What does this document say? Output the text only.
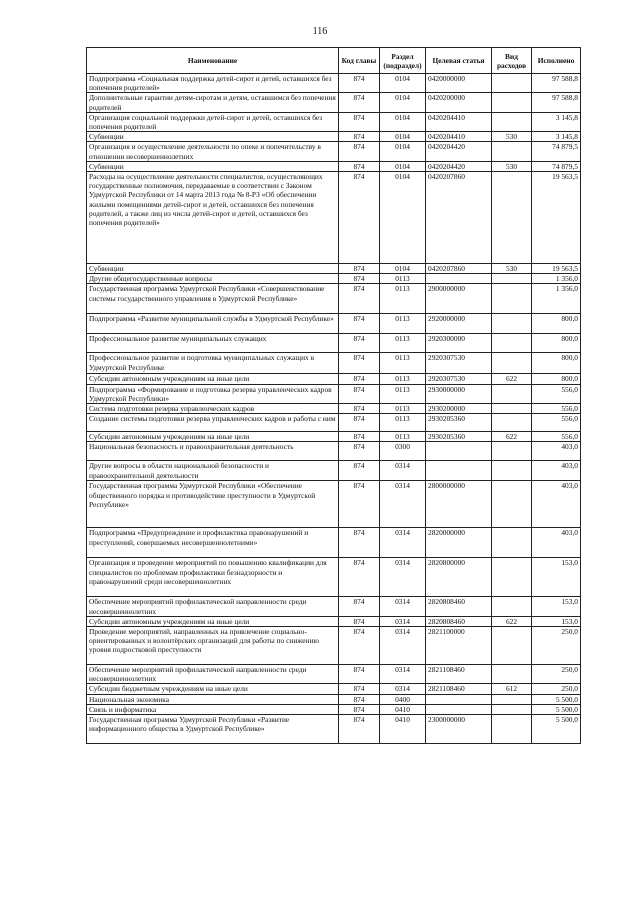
116
Наименование	Код главы	Раздел (подраздел)	Целевая статья	Вид расходов	Исполнено
Подпрограмма «Социальная поддержка детей-сирот и детей, оставшихся без попечения родителей»	874	0104	0420000000		97 588,8
Дополнительные гарантии детям-сиротам и детям, оставшимся без попечения родителей	874	0104	0420200000		97 588,8
Организация социальной поддержки детей-сирот и детей, оставшихся без попечения родителей	874	0104	0420204410		3 145,8
Субвенции	874	0104	0420204410	530	3 145,8
Организация и осуществление деятельности по опеке и попечительству в отношении несовершеннолетних	874	0104	0420204420		74 879,5
Субвенции	874	0104	0420204420	530	74 879,5
Расходы на осуществление деятельности специалистов, осуществляющих государственные полномочия, передаваемые в соответствии с Законом Удмуртской Республики от 14 марта 2013 года № 8-РЗ «Об обеспечении жилыми помещениями детей-сирот и детей, оставшихся без попечения родителей, а также лиц из числа детей-сирот и детей, оставшихся без попечения родителей»	874	0104	0420207860		19 563,5
Субвенции	874	0104	0420207860	530	19 563,5
Другие общегосударственные вопросы	874	0113			1 356,0
Государственная программа Удмуртской Республики «Совершенствование системы государственного управления в Удмуртской Республике»	874	0113	2900000000		1 356,0
Подпрограмма «Развитие муниципальной службы в Удмуртской Республике»	874	0113	2920000000		800,0
Профессиональное развитие муниципальных служащих	874	0113	2920300000		800,0
Профессиональное развитие и подготовка муниципальных служащих в Удмуртской Республике	874	0113	2920307530		800,0
Субсидии автономным учреждениям на иные цели	874	0113	2920307530	622	800,0
Подпрограмма «Формирование и подготовка резерва управленческих кадров Удмуртской Республики»	874	0113	2930000000		556,0
Система подготовки резерва управленческих кадров	874	0113	2930200000		556,0
Создание системы подготовки резерва управленческих кадров и работы с ним	874	0113	2930205360		556,0
Субсидии автономным учреждениям на иные цели	874	0113	2930205360	622	556,0
Национальная безопасность и правоохранительная деятельность	874	0300			403,0
Другие вопросы в области национальной безопасности и правоохранительной деятельности	874	0314			403,0
Государственная программа Удмуртской Республики «Обеспечение общественного порядка и противодействие преступности в Удмуртской Республике»	874	0314	2800000000		403,0
Подпрограмма «Предупреждение и профилактика правонарушений и преступлений, совершаемых несовершеннолетними»	874	0314	2820000000		403,0
Организация и проведение мероприятий по повышению квалификации для специалистов по проблемам профилактики безнадзорности и правонарушений среди несовершеннолетних	874	0314	2820800000		153,0
Обеспечение мероприятий профилактической направленности среди несовершеннолетних	874	0314	2820808460		153,0
Субсидии автономным учреждениям на иные цели	874	0314	2820808460	622	153,0
Проведение мероприятий, направленных на привлечение социально-ориентированных и волонтёрских организаций для работы по снижению уровня подростковой преступности	874	0314	2821100000		250,0
Обеспечение мероприятий профилактической направленности среди несовершеннолетних	874	0314	2821108460		250,0
Субсидии бюджетным учреждениям на иные цели	874	0314	2821108460	612	250,0
Национальная экономика	874	0400			5 500,0
Связь и информатика	874	0410			5 500,0
Государственная программа Удмуртской Республики «Развитие информационного общества в Удмуртской Республике»	874	0410	2300000000		5 500,0
